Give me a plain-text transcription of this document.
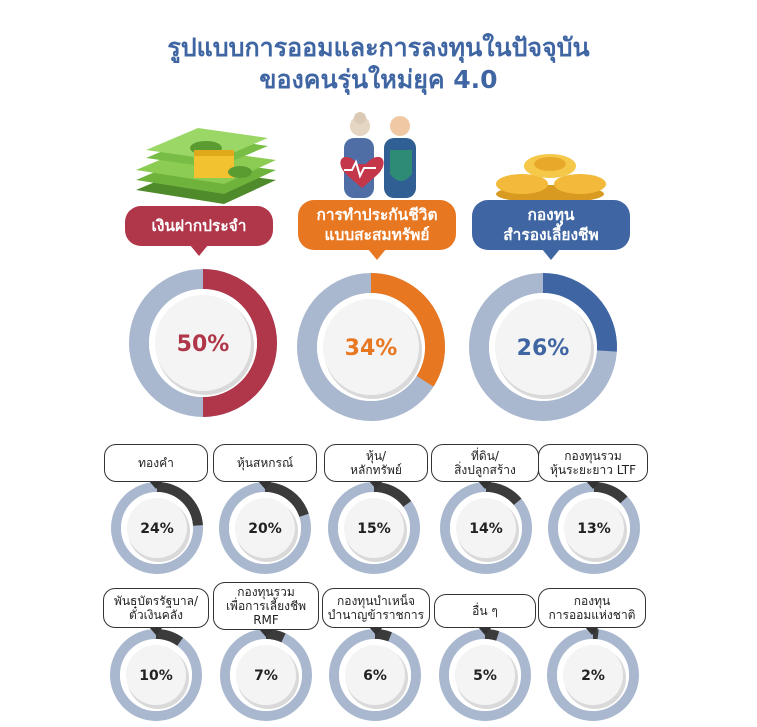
รูปแบบการออมและการลงทุนในปัจจุบัน
ของคนรุ่นใหม่ยุค 4.0
เงินฝากประจำ
การทำประกันชีวิต
แบบสะสมทรัพย์
กองทุน
สำรองเลี้ยงชีพ
50%	34%	26%
24%	20%	15%	14%	13%
10%	7%	6%	5%	2%
ทองคำ	หุ้นสหกรณ์	หุ้น/
หลักทรัพย์
ที่ดิน/
สิ่งปลูกสร้าง
กองทุนรวม
หุ้นระยะยาว LTF
พันธบัตรรัฐบาล/
ตั๋วเงินคลัง
กองทุนรวม
เพื่อการเลี้ยงชีพ
RMF
กองทุนบำเหน็จ
บำนาญข้าราชการ	อื่น ๆ
กองทุน
การออมแห่งชาติ
